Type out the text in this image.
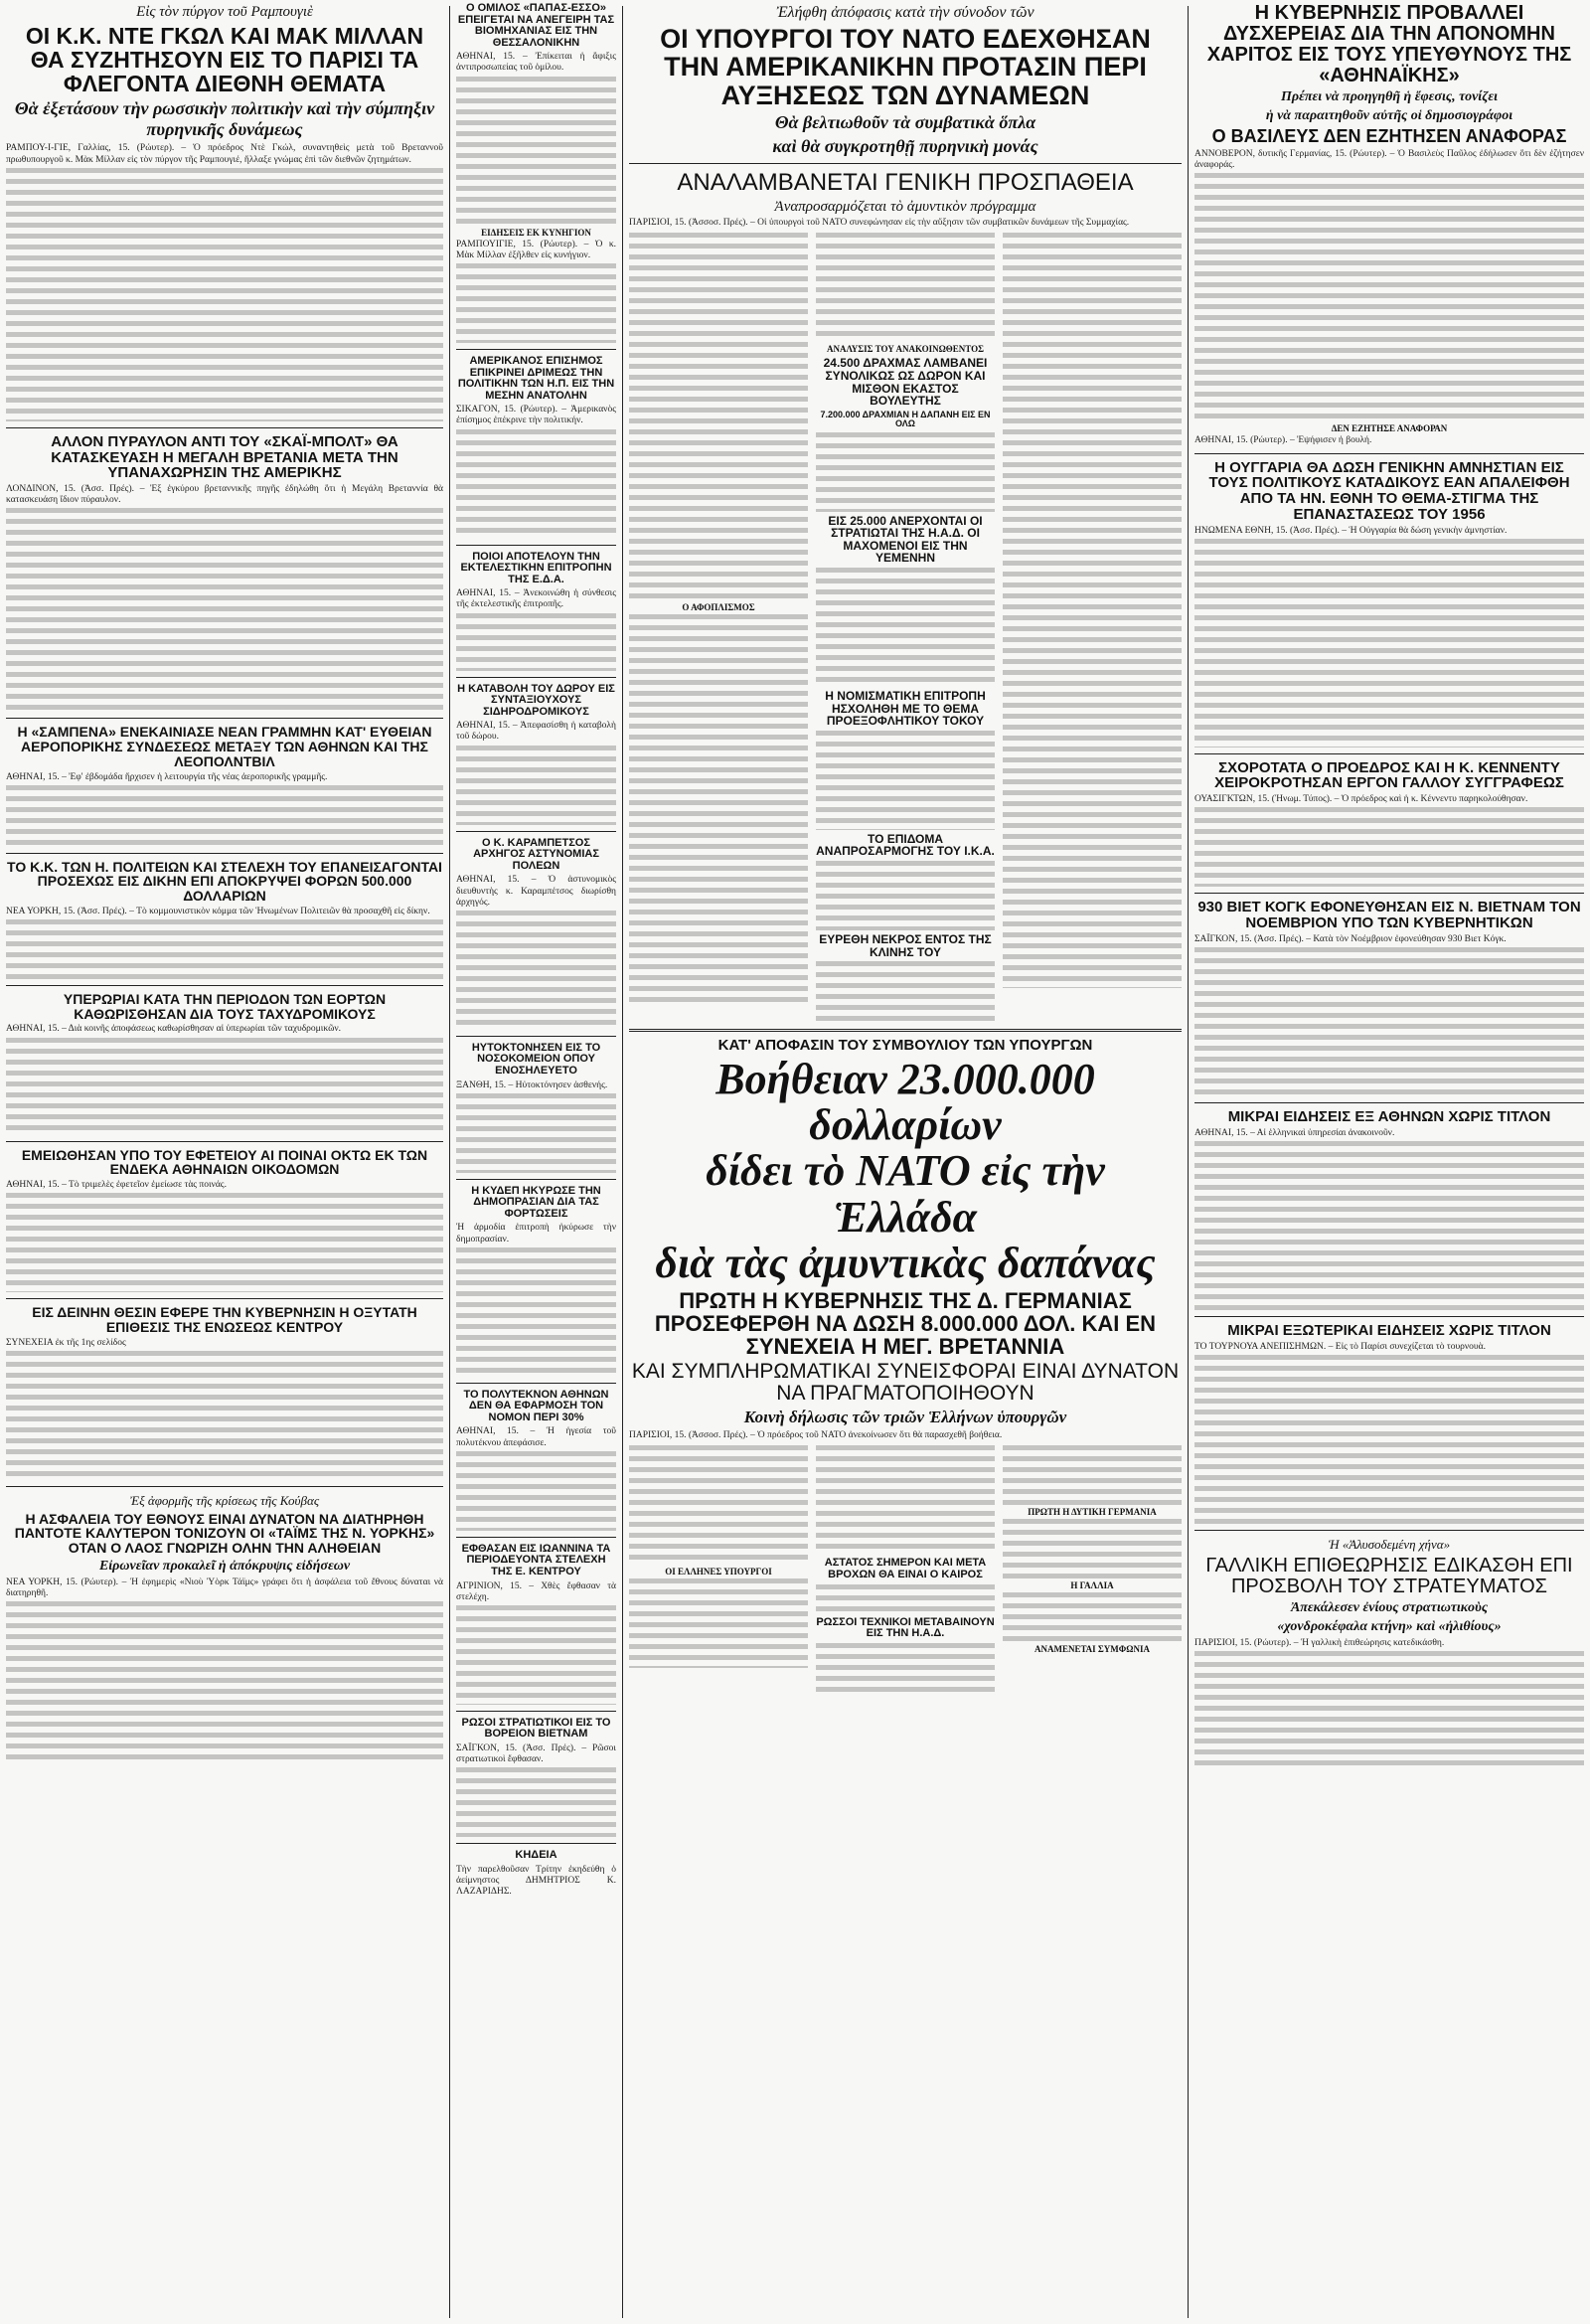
Εἰς τὸν πύργον τοῦ Ραμπουγιὲ
ΟΙ Κ.Κ. ΝΤΕ ΓΚΩΛ ΚΑΙ ΜΑΚ ΜΙΛΛΑΝ ΘΑ ΣΥΖΗΤΗΣΟΥΝ ΕΙΣ ΤΟ ΠΑΡΙΣΙ ΤΑ ΦΛΕΓΟΝΤΑ ΔΙΕΘΝΗ ΘΕΜΑΤΑ
Θὰ ἐξετάσουν τὴν ρωσσικὴν πολιτικὴν καὶ τὴν σύμπηξιν πυρηνικῆς δυνάμεως
ΡΑΜΠΟΥ-Ι-ΓΙΕ, Γαλλίας, 15. (Ρώυτερ). – Ὁ πρόεδρος Ντὲ Γκώλ, συναντηθεὶς μετὰ τοῦ Βρεταννοῦ πρωθυπουργοῦ κ. Μὰκ Μίλλαν εἰς τὸν πύργον τῆς Ραμπουγιέ, ἤλλαξε γνώμας ἐπὶ τῶν διεθνῶν ζητημάτων.
ΑΛΛΟΝ ΠΥΡΑΥΛΟΝ ΑΝΤΙ ΤΟΥ «ΣΚΑΪ-ΜΠΟΛΤ» ΘΑ ΚΑΤΑΣΚΕΥΑΣΗ Η ΜΕΓΑΛΗ ΒΡΕΤΑΝΙΑ ΜΕΤΑ ΤΗΝ ΥΠΑΝΑΧΩΡΗΣΙΝ ΤΗΣ ΑΜΕΡΙΚΗΣ
ΛΟΝΔΙΝΟΝ, 15. (Ἀσσ. Πρές). – Ἐξ ἐγκύρου βρεταννικῆς πηγῆς ἐδηλώθη ὅτι ἡ Μεγάλη Βρεταννία θὰ κατασκευάση ἴδιον πύραυλον.
Η «ΣΑΜΠΕΝΑ» ΕΝΕΚΑΙΝΙΑΣΕ ΝΕΑΝ ΓΡΑΜΜΗΝ ΚΑΤ' ΕΥΘΕΙΑΝ ΑΕΡΟΠΟΡΙΚΗΣ ΣΥΝΔΕΣΕΩΣ ΜΕΤΑΞΥ ΤΩΝ ΑΘΗΝΩΝ ΚΑΙ ΤΗΣ ΛΕΟΠΟΛΝΤΒΙΛ
ΑΘΗΝΑΙ, 15. – Ἐφ' ἐβδομάδα ἤρχισεν ἡ λειτουργία τῆς νέας ἀεροπορικῆς γραμμῆς.
ΤΟ Κ.Κ. ΤΩΝ Η. ΠΟΛΙΤΕΙΩΝ ΚΑΙ ΣΤΕΛΕΧΗ ΤΟΥ ΕΠΑΝΕΙΣΑΓΟΝΤΑΙ ΠΡΟΣΕΧΩΣ ΕΙΣ ΔΙΚΗΝ ΕΠΙ ΑΠΟΚΡΥΨΕΙ ΦΟΡΩΝ 500.000 ΔΟΛΛΑΡΙΩΝ
ΝΕΑ ΥΟΡΚΗ, 15. (Ἀσσ. Πρές). – Τὸ κομμουνιστικὸν κόμμα τῶν Ἡνωμένων Πολιτειῶν θὰ προσαχθῆ εἰς δίκην.
ΥΠΕΡΩΡΙΑΙ ΚΑΤΑ ΤΗΝ ΠΕΡΙΟΔΟΝ ΤΩΝ ΕΟΡΤΩΝ ΚΑΘΩΡΙΣΘΗΣΑΝ ΔΙΑ ΤΟΥΣ ΤΑΧΥΔΡΟΜΙΚΟΥΣ
ΑΘΗΝΑΙ, 15. – Διὰ κοινῆς ἀποφάσεως καθωρίσθησαν αἱ ὑπερωρίαι τῶν ταχυδρομικῶν.
ΕΜΕΙΩΘΗΣΑΝ ΥΠΟ ΤΟΥ ΕΦΕΤΕΙΟΥ ΑΙ ΠΟΙΝΑΙ ΟΚΤΩ ΕΚ ΤΩΝ ΕΝΔΕΚΑ ΑΘΗΝΑΙΩΝ ΟΙΚΟΔΟΜΩΝ
ΑΘΗΝΑΙ, 15. – Τὸ τριμελὲς ἐφετεῖον ἐμείωσε τὰς ποινάς.
ΕΙΣ ΔΕΙΝΗΝ ΘΕΣΙΝ ΕΦΕΡΕ ΤΗΝ ΚΥΒΕΡΝΗΣΙΝ Η ΟΞΥΤΑΤΗ ΕΠΙΘΕΣΙΣ ΤΗΣ ΕΝΩΣΕΩΣ ΚΕΝΤΡΟΥ
ΣΥΝΕΧΕΙΑ ἐκ τῆς 1ης σελίδος
Ἐξ ἀφορμῆς τῆς κρίσεως τῆς Κούβας
Η ΑΣΦΑΛΕΙΑ ΤΟΥ ΕΘΝΟΥΣ ΕΙΝΑΙ ΔΥΝΑΤΟΝ ΝΑ ΔΙΑΤΗΡΗΘΗ ΠΑΝΤΟΤΕ ΚΑΛΥΤΕΡΟΝ ΤΟΝΙΖΟΥΝ ΟΙ «ΤΑΪΜΣ ΤΗΣ Ν. ΥΟΡΚΗΣ» ΟΤΑΝ Ο ΛΑΟΣ ΓΝΩΡΙΖΗ ΟΛΗΝ ΤΗΝ ΑΛΗΘΕΙΑΝ
Εἰρωνεῖαν προκαλεῖ ἡ ἀπόκρυψις εἰδήσεων
ΝΕΑ ΥΟΡΚΗ, 15. (Ρώυτερ). – Ἡ ἐφημερὶς «Νιοὺ Ὑὸρκ Τάϊμς» γράφει ὅτι ἡ ἀσφάλεια τοῦ ἔθνους δύναται νὰ διατηρηθῆ.
Ο ΟΜΙΛΟΣ «ΠΑΠΑΣ-ΕΣΣΟ» ΕΠΕΙΓΕΤΑΙ ΝΑ ΑΝΕΓΕΙΡΗ ΤΑΣ ΒΙΟΜΗΧΑΝΙΑΣ ΕΙΣ ΤΗΝ ΘΕΣΣΑΛΟΝΙΚΗΝ
ΑΘΗΝΑΙ, 15. – Ἐπίκειται ἡ ἄφιξις ἀντιπροσωπείας τοῦ ὁμίλου.
ΕΙΔΗΣΕΙΣ ΕΚ ΚΥΝΗΓΙΟΝ
ΡΑΜΠΟΥΙΓΙΕ, 15. (Ρώυτερ). – Ὁ κ. Μὰκ Μίλλαν ἐξῆλθεν εἰς κυνήγιον.
ΑΜΕΡΙΚΑΝΟΣ ΕΠΙΣΗΜΟΣ ΕΠΙΚΡΙΝΕΙ ΔΡΙΜΕΩΣ ΤΗΝ ΠΟΛΙΤΙΚΗΝ ΤΩΝ Η.Π. ΕΙΣ ΤΗΝ ΜΕΣΗΝ ΑΝΑΤΟΛΗΝ
ΣΙΚΑΓΟΝ, 15. (Ρώυτερ). – Ἀμερικανὸς ἐπίσημος ἐπέκρινε τὴν πολιτικήν.
ΠΟΙΟΙ ΑΠΟΤΕΛΟΥΝ ΤΗΝ ΕΚΤΕΛΕΣΤΙΚΗΝ ΕΠΙΤΡΟΠΗΝ ΤΗΣ Ε.Δ.Α.
ΑΘΗΝΑΙ, 15. – Ἀνεκοινώθη ἡ σύνθεσις τῆς ἐκτελεστικῆς ἐπιτροπῆς.
Η ΚΑΤΑΒΟΛΗ ΤΟΥ ΔΩΡΟΥ ΕΙΣ ΣΥΝΤΑΞΙΟΥΧΟΥΣ ΣΙΔΗΡΟΔΡΟΜΙΚΟΥΣ
ΑΘΗΝΑΙ, 15. – Ἀπεφασίσθη ἡ καταβολὴ τοῦ δώρου.
Ο Κ. ΚΑΡΑΜΠΕΤΣΟΣ ΑΡΧΗΓΟΣ ΑΣΤΥΝΟΜΙΑΣ ΠΟΛΕΩΝ
ΑΘΗΝΑΙ, 15. – Ὁ ἀστυνομικὸς διευθυντὴς κ. Καραμπέτσος διωρίσθη ἀρχηγός.
ΗΥΤΟΚΤΟΝΗΣΕΝ ΕΙΣ ΤΟ ΝΟΣΟΚΟΜΕΙΟΝ ΟΠΟΥ ΕΝΟΣΗΛΕΥΕΤΟ
ΞΑΝΘΗ, 15. – Ηὐτοκτόνησεν ἀσθενής.
Η ΚΥΔΕΠ ΗΚΥΡΩΣΕ ΤΗΝ ΔΗΜΟΠΡΑΣΙΑΝ ΔΙΑ ΤΑΣ ΦΟΡΤΩΣΕΙΣ
Ἡ ἀρμοδία ἐπιτροπὴ ἠκύρωσε τὴν δημοπρασίαν.
ΤΟ ΠΟΛΥΤΕΚΝΟΝ ΑΘΗΝΩΝ ΔΕΝ ΘΑ ΕΦΑΡΜΟΣΗ ΤΟΝ ΝΟΜΟΝ ΠΕΡΙ 30%
ΑΘΗΝΑΙ, 15. – Ἡ ἡγεσία τοῦ πολυτέκνου ἀπεφάσισε.
ΕΦΘΑΣΑΝ ΕΙΣ ΙΩΑΝΝΙΝΑ ΤΑ ΠΕΡΙΟΔΕΥΟΝΤΑ ΣΤΕΛΕΧΗ ΤΗΣ Ε. ΚΕΝΤΡΟΥ
ΑΓΡΙΝΙΟΝ, 15. – Χθὲς ἔφθασαν τὰ στελέχη.
ΡΩΣΟΙ ΣΤΡΑΤΙΩΤΙΚΟΙ ΕΙΣ ΤΟ ΒΟΡΕΙΟΝ ΒΙΕΤΝΑΜ
ΣΑΪΓΚΟΝ, 15. (Ἀσσ. Πρές). – Ρῶσοι στρατιωτικοὶ ἔφθασαν.
ΚΗΔΕΙΑ
Τὴν παρελθοῦσαν Τρίτην ἐκηδεύθη ὁ ἀείμνηστος ΔΗΜΗΤΡΙΟΣ Κ. ΛΑΖΑΡΙΔΗΣ.
Ἐλήφθη ἀπόφασις κατὰ τὴν σύνοδον τῶν
ΟΙ ΥΠΟΥΡΓΟΙ ΤΟΥ ΝΑΤΟ ΕΔΕΧΘΗΣΑΝ ΤΗΝ ΑΜΕΡΙΚΑΝΙΚΗΝ ΠΡΟΤΑΣΙΝ ΠΕΡΙ ΑΥΞΗΣΕΩΣ ΤΩΝ ΔΥΝΑΜΕΩΝ
Θὰ βελτιωθοῦν τὰ συμβατικὰ ὅπλα
καὶ θὰ συγκροτηθῇ πυρηνικὴ μονάς
ΑΝΑΛΑΜΒΑΝΕΤΑΙ ΓΕΝΙΚΗ ΠΡΟΣΠΑΘΕΙΑ
Ἀναπροσαρμόζεται τὸ ἀμυντικὸν πρόγραμμα
ΠΑΡΙΣΙΟΙ, 15. (Ἀσσοσ. Πρές). – Οἱ ὑπουργοὶ τοῦ ΝΑΤΟ συνεφώνησαν εἰς τὴν αὔξησιν τῶν συμβατικῶν δυνάμεων τῆς Συμμαχίας.
Ο ΑΦΟΠΛΙΣΜΟΣ
ΑΝΑΛΥΣΙΣ ΤΟΥ ΑΝΑΚΟΙΝΩΘΕΝΤΟΣ
24.500 ΔΡΑΧΜΑΣ ΛΑΜΒΑΝΕΙ ΣΥΝΟΛΙΚΩΣ ΩΣ ΔΩΡΟΝ ΚΑΙ ΜΙΣΘΟΝ ΕΚΑΣΤΟΣ ΒΟΥΛΕΥΤΗΣ
7.200.000 ΔΡΑΧΜΙΑΝ Η ΔΑΠΑΝΗ ΕΙΣ ΕΝ ΟΛΩ
ΕΙΣ 25.000 ΑΝΕΡΧΟΝΤΑΙ ΟΙ ΣΤΡΑΤΙΩΤΑΙ ΤΗΣ Η.Α.Δ. ΟΙ ΜΑΧΟΜΕΝΟΙ ΕΙΣ ΤΗΝ ΥΕΜΕΝΗΝ
Η ΝΟΜΙΣΜΑΤΙΚΗ ΕΠΙΤΡΟΠΗ ΗΣΧΟΛΗΘΗ ΜΕ ΤΟ ΘΕΜΑ ΠΡΟΕΞΟΦΛΗΤΙΚΟΥ ΤΟΚΟΥ
ΤΟ ΕΠΙΔΟΜΑ ΑΝΑΠΡΟΣΑΡΜΟΓΗΣ ΤΟΥ Ι.Κ.Α.
ΕΥΡΕΘΗ ΝΕΚΡΟΣ ΕΝΤΟΣ ΤΗΣ ΚΛΙΝΗΣ ΤΟΥ
ΚΑΤ' ΑΠΟΦΑΣΙΝ ΤΟΥ ΣΥΜΒΟΥΛΙΟΥ ΤΩΝ ΥΠΟΥΡΓΩΝ
Βοήθειαν 23.000.000 δολλαρίων
δίδει τὸ ΝΑΤΟ εἰς τὴν Ἑλλάδα
διὰ τὰς ἀμυντικὰς δαπάνας
ΠΡΩΤΗ Η ΚΥΒΕΡΝΗΣΙΣ ΤΗΣ Δ. ΓΕΡΜΑΝΙΑΣ ΠΡΟΣΕΦΕΡΘΗ ΝΑ ΔΩΣΗ 8.000.000 ΔΟΛ. ΚΑΙ ΕΝ ΣΥΝΕΧΕΙΑ Η ΜΕΓ. ΒΡΕΤΑΝΝΙΑ
ΚΑΙ ΣΥΜΠΛΗΡΩΜΑΤΙΚΑΙ ΣΥΝΕΙΣΦΟΡΑΙ ΕΙΝΑΙ ΔΥΝΑΤΟΝ ΝΑ ΠΡΑΓΜΑΤΟΠΟΙΗΘΟΥΝ
Κοινὴ δήλωσις τῶν τριῶν Ἑλλήνων ὑπουργῶν
ΠΑΡΙΣΙΟΙ, 15. (Ἀσσοσ. Πρές). – Ὁ πρόεδρος τοῦ ΝΑΤΟ ἀνεκοίνωσεν ὅτι θὰ παρασχεθῆ βοήθεια.
ΟΙ ΕΛΛΗΝΕΣ ΥΠΟΥΡΓΟΙ
ΑΣΤΑΤΟΣ ΣΗΜΕΡΟΝ ΚΑΙ ΜΕΤΑ ΒΡΟΧΩΝ ΘΑ ΕΙΝΑΙ Ο ΚΑΙΡΟΣ
ΡΩΣΣΟΙ ΤΕΧΝΙΚΟΙ ΜΕΤΑΒΑΙΝΟΥΝ ΕΙΣ ΤΗΝ Η.Α.Δ.
ΠΡΩΤΗ Η ΔΥΤΙΚΗ ΓΕΡΜΑΝΙΑ
Η ΓΑΛΛΙΑ
ΑΝΑΜΕΝΕΤΑΙ ΣΥΜΦΩΝΙΑ
Η ΚΥΒΕΡΝΗΣΙΣ ΠΡΟΒΑΛΛΕΙ ΔΥΣΧΕΡΕΙΑΣ ΔΙΑ ΤΗΝ ΑΠΟΝΟΜΗΝ ΧΑΡΙΤΟΣ ΕΙΣ ΤΟΥΣ ΥΠΕΥΘΥΝΟΥΣ ΤΗΣ «ΑΘΗΝΑΪΚΗΣ»
Πρέπει νὰ προηγηθῆ ἡ ἔφεσις, τονίζει
ἡ νὰ παραιτηθοῦν αὐτῆς οἱ δημοσιογράφοι
Ο ΒΑΣΙΛΕΥΣ ΔΕΝ ΕΖΗΤΗΣΕΝ ΑΝΑΦΟΡΑΣ
ΑΝΝΟΒΕΡΟΝ, δυτικῆς Γερμανίας, 15. (Ρώυτερ). – Ὁ Βασιλεὺς Παῦλος ἐδήλωσεν ὅτι δὲν ἐζήτησεν ἀναφοράς.
ΔΕΝ ΕΖΗΤΗΣΕ ΑΝΑΦΟΡΑΝ
ΑΘΗΝΑΙ, 15. (Ρώυτερ). – Ἐψήφισεν ἡ βουλή.
Η ΟΥΓΓΑΡΙΑ ΘΑ ΔΩΣΗ ΓΕΝΙΚΗΝ ΑΜΝΗΣΤΙΑΝ ΕΙΣ ΤΟΥΣ ΠΟΛΙΤΙΚΟΥΣ ΚΑΤΑΔΙΚΟΥΣ ΕΑΝ ΑΠΑΛΕΙΦΘΗ ΑΠΟ ΤΑ ΗΝ. ΕΘΝΗ ΤΟ ΘΕΜΑ-ΣΤΙΓΜΑ ΤΗΣ ΕΠΑΝΑΣΤΑΣΕΩΣ ΤΟΥ 1956
ΗΝΩΜΕΝΑ ΕΘΝΗ, 15. (Ἀσσ. Πρές). – Ἡ Οὐγγαρία θὰ δώση γενικὴν ἀμνηστίαν.
ΣΧΟΡΟΤΑΤΑ Ο ΠΡΟΕΔΡΟΣ ΚΑΙ Η Κ. ΚΕΝΝΕΝΤΥ ΧΕΙΡΟΚΡΟΤΗΣΑΝ ΕΡΓΟΝ ΓΑΛΛΟΥ ΣΥΓΓΡΑΦΕΩΣ
ΟΥΑΣΙΓΚΤΩΝ, 15. (Ἡνωμ. Τύπος). – Ὁ πρόεδρος καὶ ἡ κ. Κέννεντυ παρηκολούθησαν.
930 ΒΙΕΤ ΚΟΓΚ ΕΦΟΝΕΥΘΗΣΑΝ ΕΙΣ Ν. ΒΙΕΤΝΑΜ ΤΟΝ ΝΟΕΜΒΡΙΟΝ ΥΠΟ ΤΩΝ ΚΥΒΕΡΝΗΤΙΚΩΝ
ΣΑΪΓΚΟΝ, 15. (Ἀσσ. Πρές). – Κατὰ τὸν Νοέμβριον ἐφονεύθησαν 930 Βιετ Κόγκ.
ΜΙΚΡΑΙ ΕΙΔΗΣΕΙΣ ΕΞ ΑΘΗΝΩΝ ΧΩΡΙΣ ΤΙΤΛΟΝ
ΑΘΗΝΑΙ, 15. – Αἱ ἑλληνικαὶ ὑπηρεσίαι ἀνακοινοῦν.
ΜΙΚΡΑΙ ΕΞΩΤΕΡΙΚΑΙ ΕΙΔΗΣΕΙΣ ΧΩΡΙΣ ΤΙΤΛΟΝ
ΤΟ ΤΟΥΡΝΟΥΑ ΑΝΕΠΙΣΗΜΩΝ. – Εἰς τὸ Παρίσι συνεχίζεται τὸ τουρνουὰ.
Ἡ «Ἀλυσοδεμένη χήνα»
ΓΑΛΛΙΚΗ ΕΠΙΘΕΩΡΗΣΙΣ ΕΔΙΚΑΣΘΗ ΕΠΙ ΠΡΟΣΒΟΛΗ ΤΟΥ ΣΤΡΑΤΕΥΜΑΤΟΣ
Ἀπεκάλεσεν ἐνίους στρατιωτικοὺς
«χονδροκέφαλα κτήνη» καὶ «ἠλιθίους»
ΠΑΡΙΣΙΟΙ, 15. (Ρώυτερ). – Ἡ γαλλικὴ ἐπιθεώρησις κατεδικάσθη.
